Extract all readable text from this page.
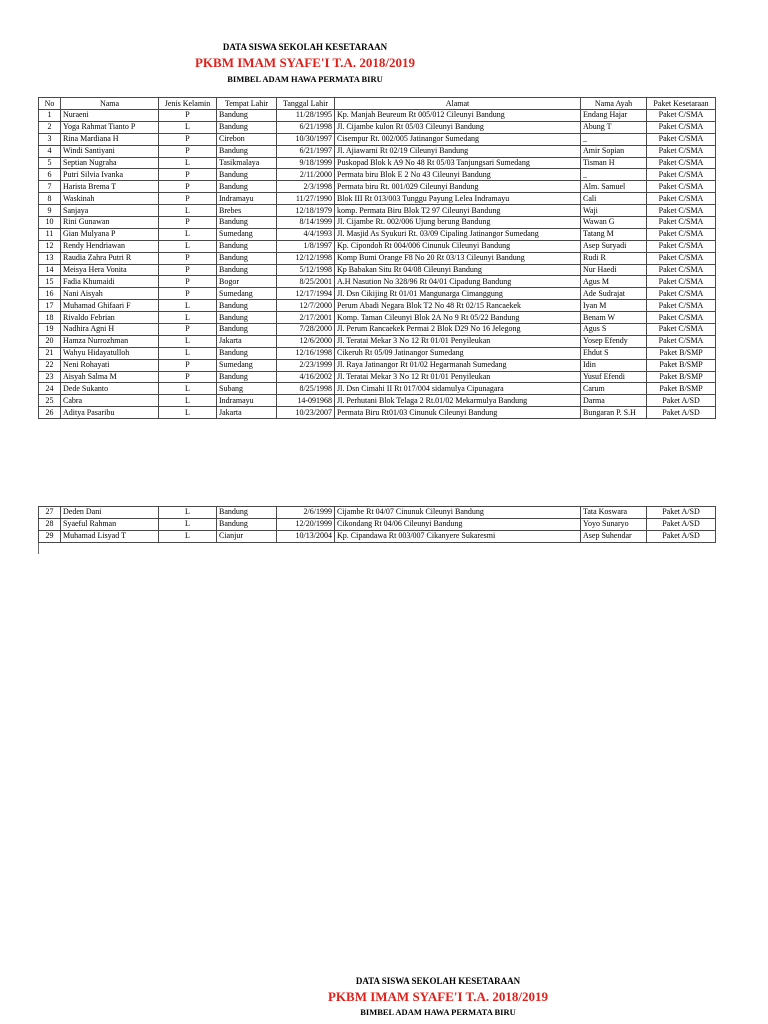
DATA SISWA SEKOLAH KESETARAAN
PKBM IMAM SYAFE'I T.A. 2018/2019
BIMBEL ADAM HAWA PERMATA BIRU
No	Nama	Jenis Kelamin	Tempat Lahir	Tanggal Lahir	Alamat	Nama Ayah	Paket Kesetaraan
1	Nuraeni	P	Bandung	11/28/1995	Kp. Manjah Beureum Rt 005/012 Cileunyi Bandung	Endang Hajar	Paket C/SMA
2	Yoga Rahmat Tianto P	L	Bandung	6/21/1998	Jl. Cijambe kulon Rt 05/03 Cileunyi Bandung	Abung T	Paket C/SMA
3	Rina Mardiana H	P	Cirebon	10/30/1997	Cisempur Rt. 002/005 Jatinangor Sumedang	_	Paket C/SMA
4	Windi Santiyani	P	Bandung	6/21/1997	Jl. Ajiawarni Rt 02/19 Cileunyi Bandung	Amir Sopian	Paket C/SMA
5	Septian Nugraha	L	Tasikmalaya	9/18/1999	Puskopad Blok k A9 No 48 Rt 05/03 Tanjungsari Sumedang	Tisman H	Paket C/SMA
6	Putri Silvia Ivanka	P	Bandung	2/11/2000	Permata biru Blok E 2 No 43 Cileunyi Bandung	_	Paket C/SMA
7	Harista Brema T	P	Bandung	2/3/1998	Permata biru Rt. 001/029 Cileunyi Bandung	Alm. Samuel	Paket C/SMA
8	Waskinah	P	Indramayu	11/27/1990	Blok III Rt 013/003 Tunggu Payung Lelea Indramayu	Cali	Paket C/SMA
9	Sanjaya	L	Brebes	12/18/1979	komp. Permata Biru Blok T2 97 Cileunyi Bandung	Waji	Paket C/SMA
10	Rini Gunawan	P	Bandung	8/14/1999	Jl. Cijambe Rt. 002/006 Ujung berung Bandung	Wawan G	Paket C/SMA
11	Gian Mulyana P	L	Sumedang	4/4/1993	Jl. Masjid As Syukuri Rt. 03/09 Cipaling Jatinangor Sumedang	Tatang M	Paket C/SMA
12	Rendy Hendriawan	L	Bandung	1/8/1997	Kp. Cipondoh Rt 004/006 Cinunuk Cileunyi Bandung	Asep Suryadi	Paket C/SMA
13	Raudia Zahra Putri R	P	Bandung	12/12/1998	Komp Bumi Orange F8 No 20 Rt 03/13 Cileunyi Bandung	Rudi R	Paket C/SMA
14	Meisya Hera Vonita	P	Bandung	5/12/1998	Kp Babakan Situ Rt 04/08 Cileunyi Bandung	Nur Haedi	Paket C/SMA
15	Fadia Khumaidi	P	Bogor	8/25/2001	A.H Nasution No 328/96 Rt 04/01 Cipadung Bandung	Agus M	Paket C/SMA
16	Nani Aisyah	P	Sumedang	12/17/1994	Jl. Dsn Cikijing Rt 01/01 Mangunarga Cimanggung	Ade Sudrajat	Paket C/SMA
17	Muhamad Ghifaari F	L	Bandung	12/7/2000	Perum Abadi Negara Blok T2 No 48 Rt 02/15 Rancaekek	Iyan M	Paket C/SMA
18	Rivaldo Febrian	L	Bandung	2/17/2001	Komp. Taman Cileunyi Blok 2A No 9 Rt 05/22 Bandung	Benam W	Paket C/SMA
19	Nadhira Agni H	P	Bandung	7/28/2000	Jl. Perum Rancaekek Permai 2 Blok D29 No 16 Jelegong	Agus S	Paket C/SMA
20	Hamza Nurrozhman	L	Jakarta	12/6/2000	Jl. Teratai Mekar 3 No 12 Rt 01/01 Penyileukan	Yosep Efendy	Paket C/SMA
21	Wahyu Hidayatulloh	L	Bandung	12/16/1998	Cikeruh Rt 05/09 Jatinangor Sumedang	Ehdut S	Paket B/SMP
22	Neni Rohayati	P	Sumedang	2/23/1999	Jl. Raya Jatinangor Rt 01/02 Hegarmanah Sumedang	Idin	Paket B/SMP
23	Aisyah Salma M	P	Bandung	4/16/2002	Jl. Teratai Mekar 3 No 12 Rt 01/01 Penyileukan	Yusuf Efendi	Paket B/SMP
24	Dede Sukanto	L	Subang	8/25/1998	Jl. Dsn Cimahi II Rt 017/004 sidamulya Cipunagara	Carum	Paket B/SMP
25	Cabra	L	Indramayu	14-091968	Jl. Perhutani Blok Telaga 2 Rt.01/02 Mekarmulya Bandung	Darma	Paket A/SD
26	Aditya Pasaribu	L	Jakarta	10/23/2007	Permata Biru Rt01/03 Cinunuk Cileunyi Bandung	Bungaran P. S.H	Paket A/SD
27	Deden Dani	L	Bandung	2/6/1999	Cijambe Rt 04/07 Cinunuk Cileunyi Bandung	Tata Koswara	Paket A/SD
28	Syaeful Rahman	L	Bandung	12/20/1999	Cikondang Rt 04/06 Cileunyi Bandung	Yoyo Sunaryo	Paket A/SD
29	Muhamad Lisyad T	L	Cianjur	10/13/2004	Kp. Cipandawa Rt 003/007 Cikanyere Sukaresmi	Asep Suhendar	Paket A/SD
DATA SISWA SEKOLAH KESETARAAN
PKBM IMAM SYAFE'I T.A. 2018/2019
BIMBEL ADAM HAWA PERMATA BIRU
